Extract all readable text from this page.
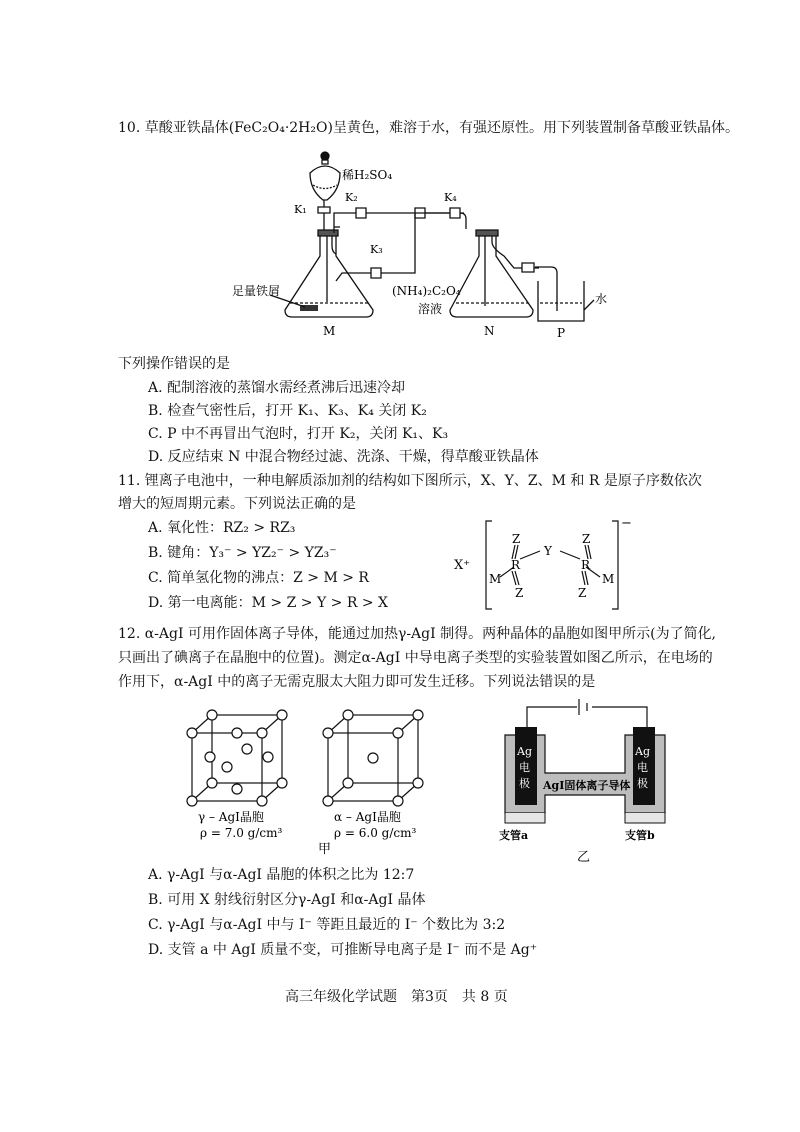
10. 草酸亚铁晶体(FeC₂O₄·2H₂O)呈黄色，难溶于水，有强还原性。用下列装置制备草酸亚铁晶体。
稀H₂SO₄
K₂
K₁
K₄
K₃
足量铁屑	(NH₄)₂C₂O₄
溶液
水
M	N	P
下列操作错误的是
A. 配制溶液的蒸馏水需经煮沸后迅速冷却
B. 检查气密性后，打开 K₁、K₃、K₄ 关闭 K₂
C. P 中不再冒出气泡时，打开 K₂，关闭 K₁、K₃
D. 反应结束 N 中混合物经过滤、洗涤、干燥，得草酸亚铁晶体
11. 锂离子电池中，一种电解质添加剂的结构如下图所示，X、Y、Z、M 和 R 是原子序数依次
增大的短周期元素。下列说法正确的是
A. 氧化性：RZ₂ > RZ₃
B. 键角：Y₃⁻ > YZ₂⁻ > YZ₃⁻
C. 简单氢化物的沸点：Z > M > R
D. 第一电离能：M > Z > Y > R > X
X⁺
−
Y
R	R
Z
Z
Z
Z
M	M
12. α-AgI 可用作固体离子导体，能通过加热γ-AgI 制得。两种晶体的晶胞如图甲所示(为了简化,
只画出了碘离子在晶胞中的位置)。测定α-AgI 中导电离子类型的实验装置如图乙所示，在电场的
作用下，α-AgI 中的离子无需克服太大阻力即可发生迁移。下列说法错误的是
γ – AgI晶胞
ρ = 7.0 g/cm³
α – AgI晶胞
ρ = 6.0 g/cm³
甲
Ag
电
极
Ag
电
极
AgI固体离子导体
支管a	支管b
乙
A. γ-AgI 与α-AgI 晶胞的体积之比为 12:7
B. 可用 X 射线衍射区分γ-AgI 和α-AgI 晶体
C. γ-AgI 与α-AgI 中与 I⁻ 等距且最近的 I⁻ 个数比为 3:2
D. 支管 a 中 AgI 质量不变，可推断导电离子是 I⁻ 而不是 Ag⁺
高三年级化学试题　第3页　共 8 页
